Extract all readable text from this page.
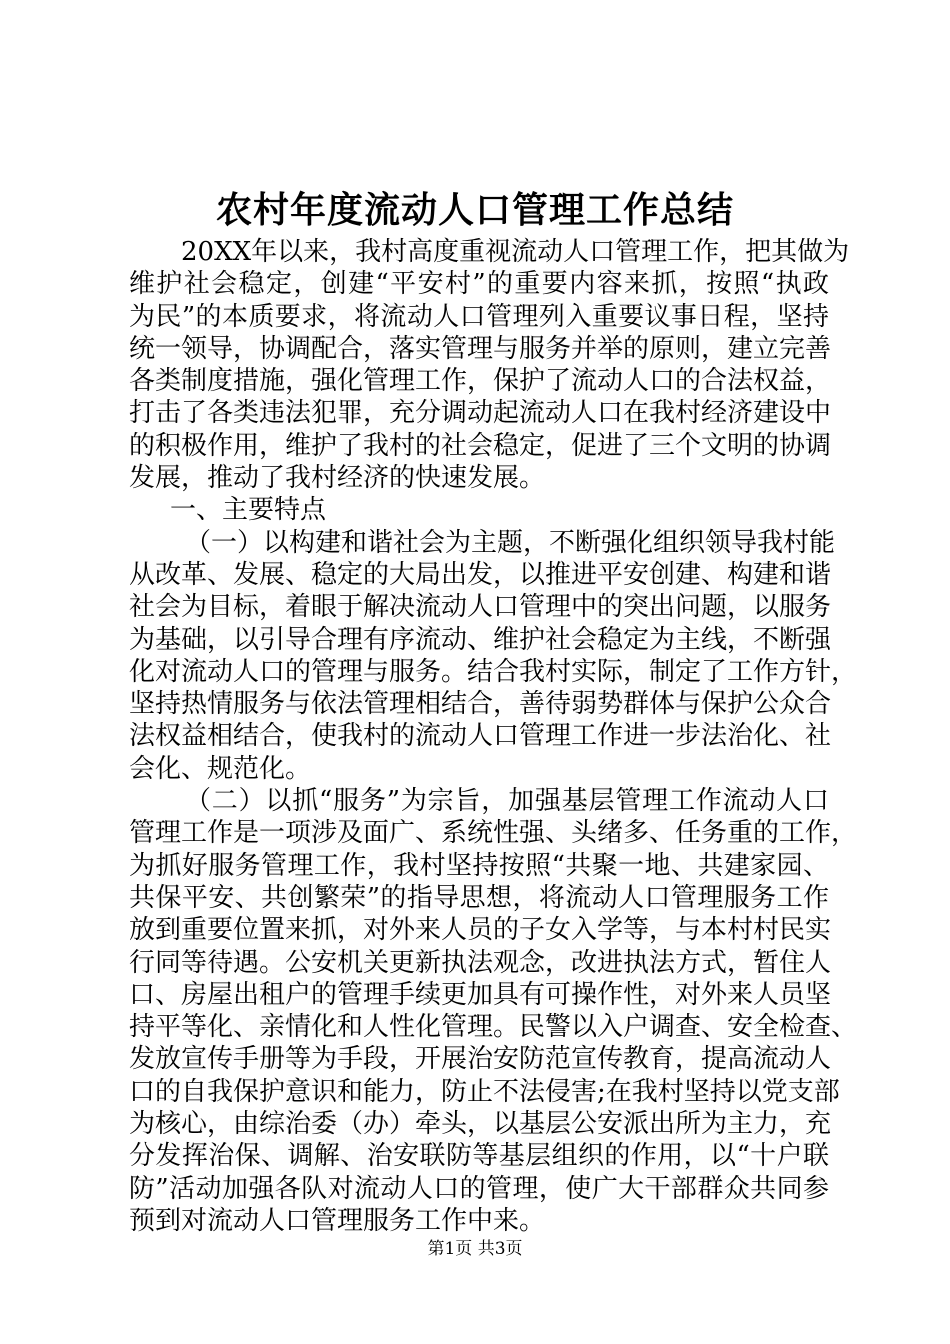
农村年度流动人口管理工作总结
20XX年以来，我村高度重视流动人口管理工作，把其做为
维护社会稳定，创建“平安村”的重要内容来抓，按照“执政
为民”的本质要求，将流动人口管理列入重要议事日程，坚持
统一领导，协调配合，落实管理与服务并举的原则，建立完善
各类制度措施，强化管理工作，保护了流动人口的合法权益，
打击了各类违法犯罪，充分调动起流动人口在我村经济建设中
的积极作用，维护了我村的社会稳定，促进了三个文明的协调
发展，推动了我村经济的快速发展。
一、主要特点
（一）以构建和谐社会为主题，不断强化组织领导我村能
从改革、发展、稳定的大局出发，以推进平安创建、构建和谐
社会为目标，着眼于解决流动人口管理中的突出问题，以服务
为基础，以引导合理有序流动、维护社会稳定为主线，不断强
化对流动人口的管理与服务。结合我村实际，制定了工作方针，
坚持热情服务与依法管理相结合，善待弱势群体与保护公众合
法权益相结合，使我村的流动人口管理工作进一步法治化、社
会化、规范化。
（二）以抓“服务”为宗旨，加强基层管理工作流动人口
管理工作是一项涉及面广、系统性强、头绪多、任务重的工作，
为抓好服务管理工作，我村坚持按照“共聚一地、共建家园、
共保平安、共创繁荣”的指导思想，将流动人口管理服务工作
放到重要位置来抓，对外来人员的子女入学等，与本村村民实
行同等待遇。公安机关更新执法观念，改进执法方式，暂住人
口、房屋出租户的管理手续更加具有可操作性，对外来人员坚
持平等化、亲情化和人性化管理。民警以入户调查、安全检查、
发放宣传手册等为手段，开展治安防范宣传教育，提高流动人
口的自我保护意识和能力，防止不法侵害;在我村坚持以党支部
为核心，由综治委（办）牵头，以基层公安派出所为主力，充
分发挥治保、调解、治安联防等基层组织的作用，以“十户联
防”活动加强各队对流动人口的管理，使广大干部群众共同参
预到对流动人口管理服务工作中来。
第1页 共3页
